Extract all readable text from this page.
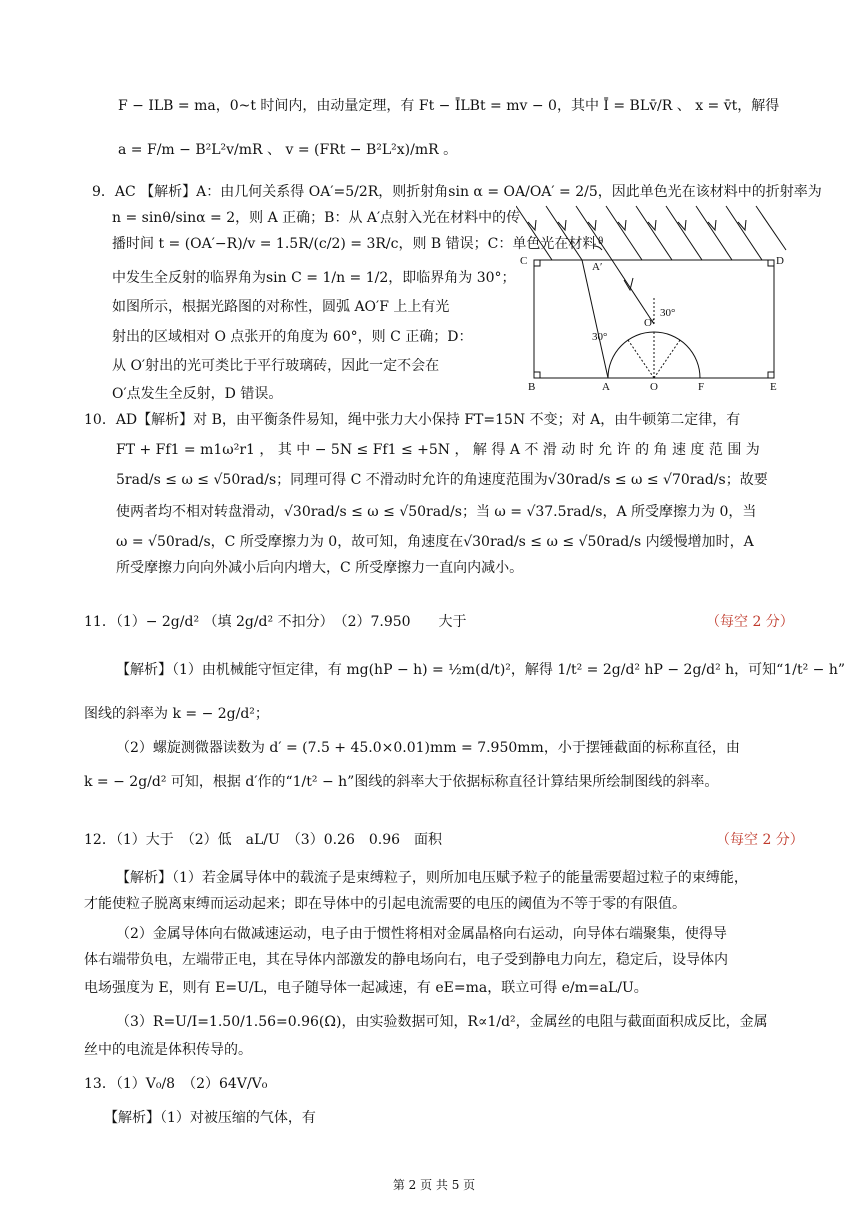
F − ILB = ma，0~t 时间内，由动量定理，有 Ft − ĪLBt = mv − 0，其中 Ī = BLv̄/R 、 x = v̄t，解得
a = F/m − B²L²v/mR 、 v = (FRt − B²L²x)/mR 。
9．AC 【解析】A：由几何关系得 OA′=5/2R，则折射角sin α = OA/OA′ = 2/5，因此单色光在该材料中的折射率为
n = sinθ/sinα = 2，则 A 正确；B：从 A′点射入光在材料中的传
播时间 t = (OA′−R)/v = 1.5R/(c/2) = 3R/c，则 B 错误；C：单色光在材料
中发生全反射的临界角为sin C = 1/n = 1/2，即临界角为 30°；
如图所示，根据光路图的对称性，圆弧 AO′F 上上有光
射出的区域相对 O 点张开的角度为 60°，则 C 正确；D：
从 O′射出的光可类比于平行玻璃砖，因此一定不会在
O′点发生全反射，D 错误。
C	D
B	E
A	O	F
A′
O′
θ
30°
30°
10．AD【解析】对 B，由平衡条件易知，绳中张力大小保持 FT=15N 不变；对 A，由牛顿第二定律，有
FT + Ff1 = m1ω²r1 ， 其 中 − 5N ≤ Ff1 ≤ +5N ， 解 得 A 不 滑 动 时 允 许 的 角 速 度 范 围 为
5rad/s ≤ ω ≤ √50rad/s；同理可得 C 不滑动时允许的角速度范围为√30rad/s ≤ ω ≤ √70rad/s；故要
使两者均不相对转盘滑动，√30rad/s ≤ ω ≤ √50rad/s；当 ω = √37.5rad/s，A 所受摩擦力为 0，当
ω = √50rad/s，C 所受摩擦力为 0，故可知，角速度在√30rad/s ≤ ω ≤ √50rad/s 内缓慢增加时，A
所受摩擦力向向外减小后向内增大，C 所受摩擦力一直向内减小。
11．（1）− 2g/d² （填 2g/d² 不扣分）　（2）7.950　　大于	（每空 2 分）
【解析】（1）由机械能守恒定律，有 mg(hP − h) = ½m(d/t)²，解得 1/t² = 2g/d² hP − 2g/d² h，可知“1/t² − h”
图线的斜率为 k = − 2g/d²；
（2）螺旋测微器读数为 d′ = (7.5 + 45.0×0.01)mm = 7.950mm，小于摆锤截面的标称直径，由
k = − 2g/d² 可知，根据 d′作的“1/t² − h”图线的斜率大于依据标称直径计算结果所绘制图线的斜率。
12．（1）大于　（2）低　aL/U　（3）0.26　0.96　面积	（每空 2 分）
【解析】（1）若金属导体中的载流子是束缚粒子，则所加电压赋予粒子的能量需要超过粒子的束缚能，
才能使粒子脱离束缚而运动起来；即在导体中的引起电流需要的电压的阈值为不等于零的有限值。
（2）金属导体向右做减速运动，电子由于惯性将相对金属晶格向右运动，向导体右端聚集，使得导
体右端带负电，左端带正电，其在导体内部激发的静电场向右，电子受到静电力向左，稳定后，设导体内
电场强度为 E，则有 E=U/L，电子随导体一起减速，有 eE=ma，联立可得 e/m=aL/U。
（3）R=U/I=1.50/1.56=0.96(Ω)，由实验数据可知，R∝1/d²，金属丝的电阻与截面面积成反比，金属
丝中的电流是体积传导的。
13．（1）V₀/8　（2）64V/V₀
【解析】（1）对被压缩的气体，有
第 2 页 共 5 页
